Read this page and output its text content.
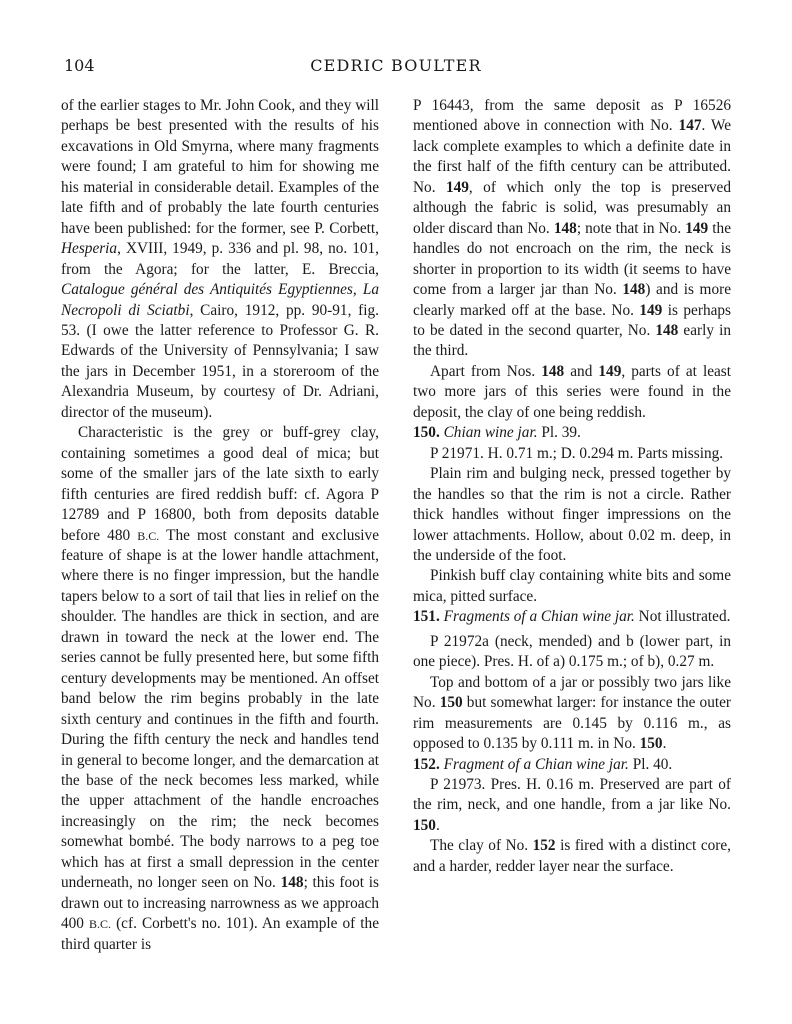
104	CEDRIC BOULTER

of the earlier stages to Mr. John Cook, and they will perhaps be best presented with the results of his excavations in Old Smyrna, where many fragments were found; I am grateful to him for showing me his material in considerable detail. Examples of the late fifth and of probably the late fourth centuries have been published: for the former, see P. Corbett, Hesperia, XVIII, 1949, p. 336 and pl. 98, no. 101, from the Agora; for the latter, E. Breccia, Catalogue général des Antiquités Egyptiennes, La Necropoli di Sciatbi, Cairo, 1912, pp. 90-91, fig. 53. (I owe the latter reference to Professor G. R. Edwards of the University of Pennsylvania; I saw the jars in December 1951, in a storeroom of the Alexandria Museum, by courtesy of Dr. Adriani, director of the museum).

Characteristic is the grey or buff-grey clay, containing sometimes a good deal of mica; but some of the smaller jars of the late sixth to early fifth centuries are fired reddish buff: cf. Agora P 12789 and P 16800, both from deposits datable before 480 B.C. The most constant and exclusive feature of shape is at the lower handle attachment, where there is no finger impression, but the handle tapers below to a sort of tail that lies in relief on the shoulder. The handles are thick in section, and are drawn in toward the neck at the lower end. The series cannot be fully presented here, but some fifth century developments may be mentioned. An offset band below the rim begins probably in the late sixth century and continues in the fifth and fourth. During the fifth century the neck and handles tend in general to become longer, and the demarcation at the base of the neck becomes less marked, while the upper attachment of the handle encroaches increasingly on the rim; the neck becomes somewhat bombé. The body narrows to a peg toe which has at first a small depression in the center underneath, no longer seen on No. 148; this foot is drawn out to increasing narrowness as we approach 400 B.C. (cf. Corbett's no. 101). An example of the third quarter is

P 16443, from the same deposit as P 16526 mentioned above in connection with No. 147. We lack complete examples to which a definite date in the first half of the fifth century can be attributed. No. 149, of which only the top is preserved although the fabric is solid, was presumably an older discard than No. 148; note that in No. 149 the handles do not encroach on the rim, the neck is shorter in proportion to its width (it seems to have come from a larger jar than No. 148) and is more clearly marked off at the base. No. 149 is perhaps to be dated in the second quarter, No. 148 early in the third.

Apart from Nos. 148 and 149, parts of at least two more jars of this series were found in the deposit, the clay of one being reddish.

150. Chian wine jar. Pl. 39.

P 21971. H. 0.71 m.; D. 0.294 m. Parts missing.

Plain rim and bulging neck, pressed together by the handles so that the rim is not a circle. Rather thick handles without finger impressions on the lower attachments. Hollow, about 0.02 m. deep, in the underside of the foot.

Pinkish buff clay containing white bits and some mica, pitted surface.

151. Fragments of a Chian wine jar. Not illustrated.

P 21972a (neck, mended) and b (lower part, in one piece). Pres. H. of a) 0.175 m.; of b), 0.27 m.

Top and bottom of a jar or possibly two jars like No. 150 but somewhat larger: for instance the outer rim measurements are 0.145 by 0.116 m., as opposed to 0.135 by 0.111 m. in No. 150.

152. Fragment of a Chian wine jar. Pl. 40.

P 21973. Pres. H. 0.16 m. Preserved are part of the rim, neck, and one handle, from a jar like No. 150.

The clay of No. 152 is fired with a distinct core, and a harder, redder layer near the surface.
